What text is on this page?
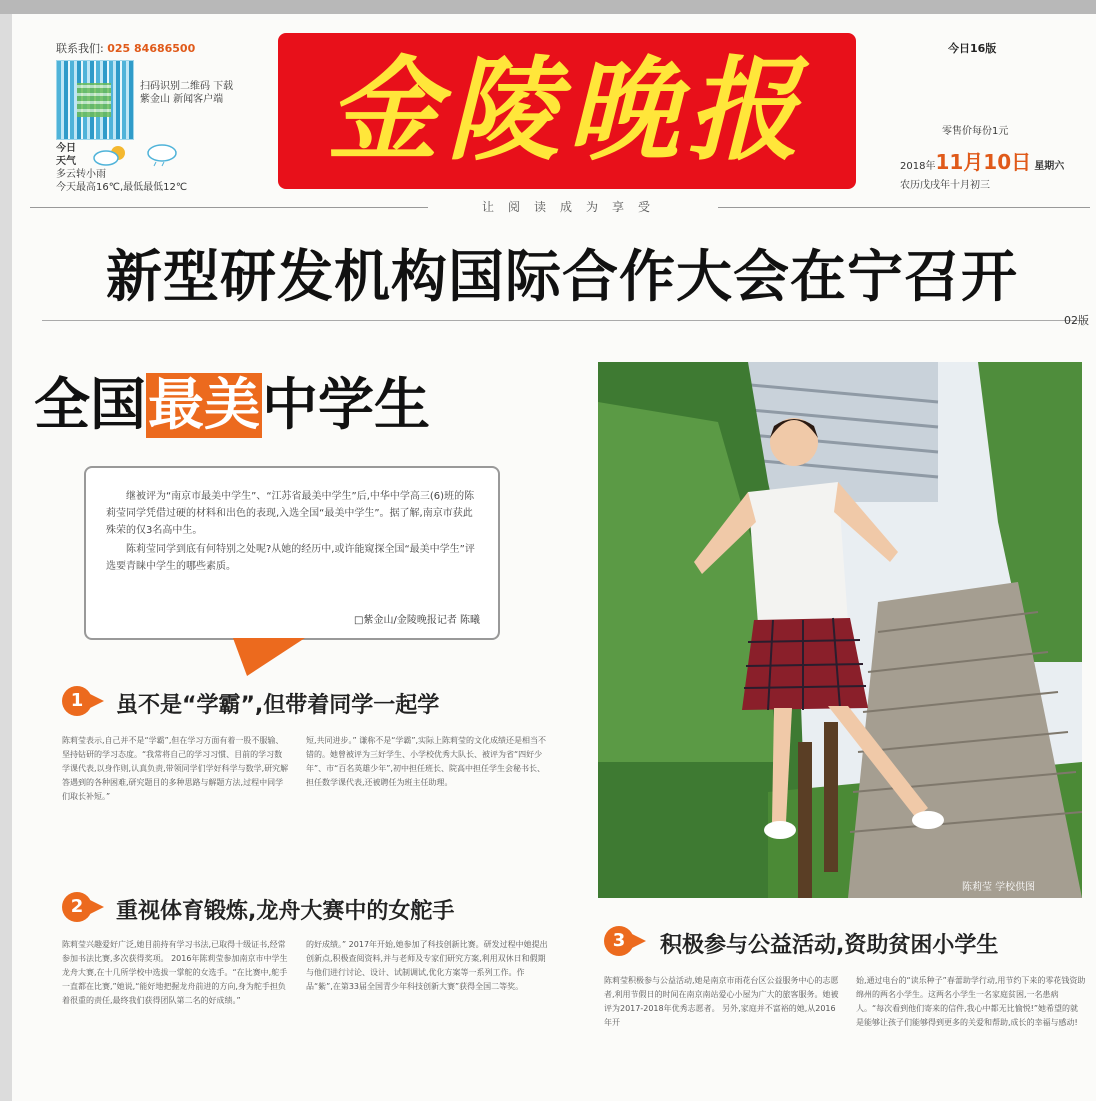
联系我们: 025 84686500
扫码识别二维码 下载紫金山 新闻客户端
今日天气
多云转小雨
今天最高16℃,最低最低12℃
金陵晚报	今日16版
零售价每份1元
2018年11月10日 星期六
农历戊戌年十月初三
让阅读成为享受
新型研发机构国际合作大会在宁召开
02版
全国最美中学生

继被评为“南京市最美中学生”、“江苏省最美中学生”后,中华中学高三(6)班的陈莉莹同学凭借过硬的材料和出色的表现,入选全国“最美中学生”。据了解,南京市获此殊荣的仅3名高中生。

陈莉莹同学到底有何特别之处呢?从她的经历中,或许能窥探全国“最美中学生”评选要青睐中学生的哪些素质。

□紫金山/金陵晚报记者 陈曦
1	虽不是“学霸”,但带着同学一起学
陈莉莹表示,自己并不是“学霸”,但在学习方面有着一股不服输、坚持钻研的学习态度。“我常将自己的学习习惯、目前的学习数学课代表,以身作则,认真负责,带领同学们学好科学与数学,研究解答遇到的各种困难,研究题目的多种思路与解题方法,过程中同学们取长补短。”
短,共同进步。” 谦称不是“学霸”,实际上陈莉莹的文化成绩还是相当不错的。她曾被评为三好学生、小学校优秀大队长、被评为省“四好少年”、市“百名英雄少年”,初中担任班长、院高中担任学生会秘书长、担任数学课代表,还被聘任为班主任助理。
2	重视体育锻炼,龙舟大赛中的女舵手
陈莉莹兴趣爱好广泛,她目前持有学习书法,已取得十级证书,经常参加书法比赛,多次获得奖项。 2016年陈莉莹参加南京市中学生龙舟大赛,在十几所学校中选拔一掌舵的女选手。“在比赛中,舵手一直都在比赛,”她说,“能好地把握龙舟前进的方向,身为舵手担负着很重的责任,最终我们获得团队第二名的好成绩。”
的好成绩。” 2017年开始,她参加了科技创新比赛。研发过程中她提出创新点,积极查阅资料,并与老师及专家们研究方案,利用双休日和假期与他们进行讨论、设计、试制调试,优化方案等一系列工作。作品“紫”,在第33届全国青少年科技创新大赛”获得全国二等奖。
陈莉莹 学校供图
3	积极参与公益活动,资助贫困小学生
陈莉莹积极参与公益活动,她是南京市雨花台区公益服务中心的志愿者,利用节假日的时间在南京南站爱心小屋为广大的旅客服务。她被评为2017-2018年优秀志愿者。 另外,家庭并不富裕的她,从2016年开
始,通过电台的“读乐种子”春蕾助学行动,用节约下来的零花钱资助绵州的两名小学生。这两名小学生一名家庭贫困,一名患病人。“每次看到他们寄来的信件,我心中都无比愉悦!”她希望的就是能够让孩子们能够得到更多的关爱和帮助,成长的幸福与感动!
